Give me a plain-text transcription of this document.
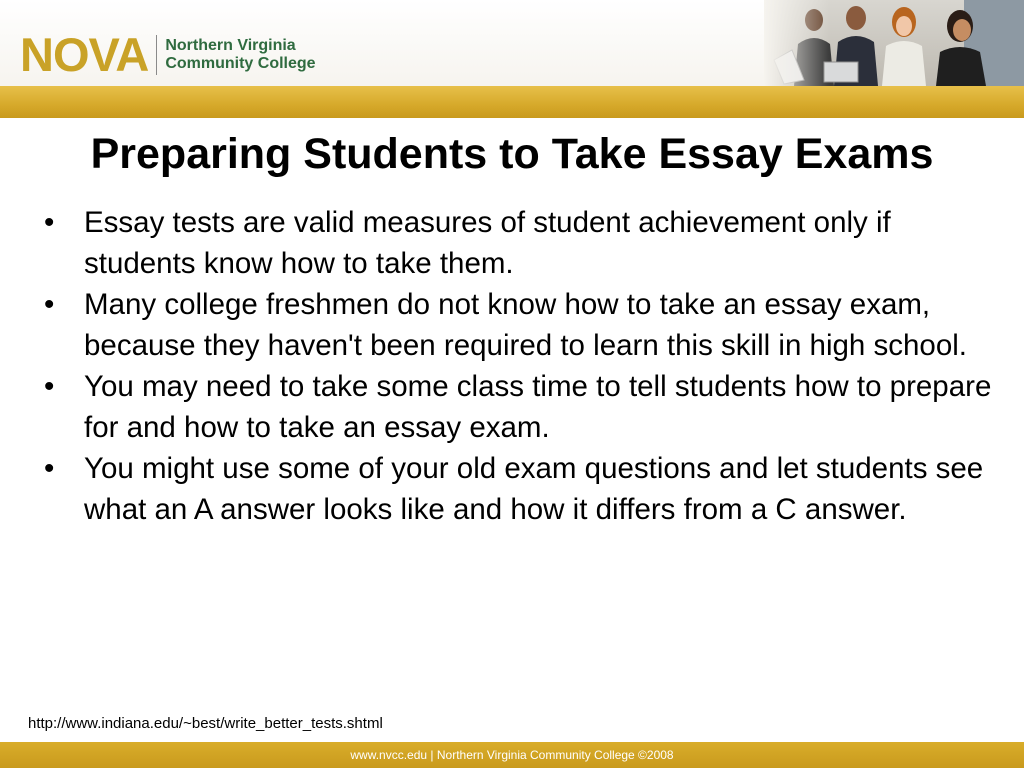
NOVA Northern Virginia
Community College
Preparing Students to Take Essay Exams
• Essay tests are valid measures of student achievement only if students know how to take them.
• Many college freshmen do not know how to take an essay exam, because they haven't been required to learn this skill in high school.
• You may need to take some class time to tell students how to prepare for and how to take an essay exam.
• You might use some of your old exam questions and let students see what an A answer looks like and how it differs from a C answer.
http://www.indiana.edu/~best/write_better_tests.shtml
www.nvcc.edu | Northern Virginia Community College ©2008
